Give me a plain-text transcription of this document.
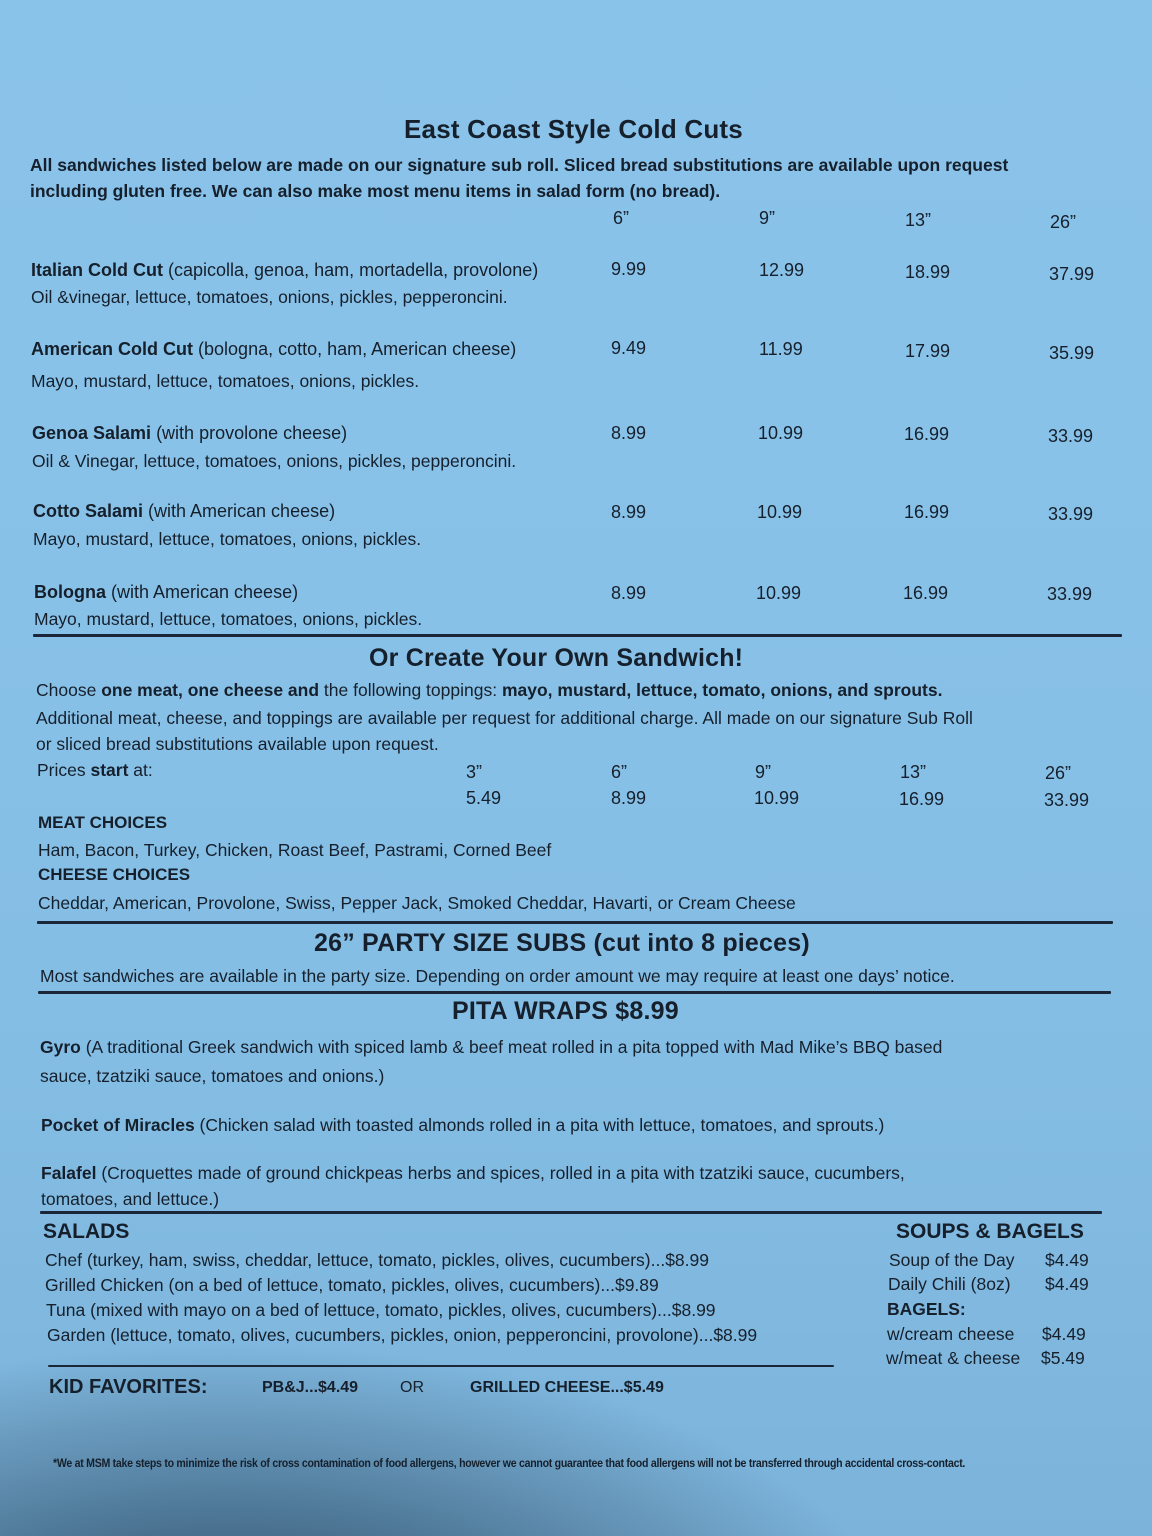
East Coast Style Cold Cuts
All sandwiches listed below are made on our signature sub roll. Sliced bread substitutions are available upon request
including gluten free. We can also make most menu items in salad form (no bread).
6”	9”	13”	26”
Italian Cold Cut (capicolla, genoa, ham, mortadella, provolone)
Oil &vinegar, lettuce, tomatoes, onions, pickles, pepperoncini.
9.99	12.99	18.99	37.99
American Cold Cut (bologna, cotto, ham, American cheese)
Mayo, mustard, lettuce, tomatoes, onions, pickles.
9.49	11.99	17.99	35.99
Genoa Salami (with provolone cheese)
Oil & Vinegar, lettuce, tomatoes, onions, pickles, pepperoncini.
8.99	10.99	16.99	33.99
Cotto Salami (with American cheese)
Mayo, mustard, lettuce, tomatoes, onions, pickles.
8.99	10.99	16.99	33.99
Bologna (with American cheese)
Mayo, mustard, lettuce, tomatoes, onions, pickles.
8.99	10.99	16.99	33.99
Or Create Your Own Sandwich!
Choose one meat, one cheese and the following toppings: mayo, mustard, lettuce, tomato, onions, and sprouts.
Additional meat, cheese, and toppings are available per request for additional charge. All made on our signature Sub Roll
or sliced bread substitutions available upon request.
Prices start at:	3”	6”	9”	13”	26”
5.49	8.99	10.99	16.99	33.99
MEAT CHOICES
Ham, Bacon, Turkey, Chicken, Roast Beef, Pastrami, Corned Beef
CHEESE CHOICES
Cheddar, American, Provolone, Swiss, Pepper Jack, Smoked Cheddar, Havarti, or Cream Cheese
26” PARTY SIZE SUBS (cut into 8 pieces)
Most sandwiches are available in the party size. Depending on order amount we may require at least one days’ notice.
PITA WRAPS $8.99
Gyro (A traditional Greek sandwich with spiced lamb & beef meat rolled in a pita topped with Mad Mike’s BBQ based
sauce, tzatziki sauce, tomatoes and onions.)
Pocket of Miracles (Chicken salad with toasted almonds rolled in a pita with lettuce, tomatoes, and sprouts.)
Falafel (Croquettes made of ground chickpeas herbs and spices, rolled in a pita with tzatziki sauce, cucumbers,
tomatoes, and lettuce.)
SALADS
Chef (turkey, ham, swiss, cheddar, lettuce, tomato, pickles, olives, cucumbers)...$8.99
Grilled Chicken (on a bed of lettuce, tomato, pickles, olives, cucumbers)...$9.89
Tuna (mixed with mayo on a bed of lettuce, tomato, pickles, olives, cucumbers)...$8.99
Garden (lettuce, tomato, olives, cucumbers, pickles, onion, pepperoncini, provolone)...$8.99
SOUPS & BAGELS
Soup of the Day $4.49
Daily Chili (8oz) $4.49
BAGELS:
w/cream cheese $4.49
w/meat & cheese $5.49
KID FAVORITES:	PB&J...$4.49	OR	GRILLED CHEESE...$5.49
*We at MSM take steps to minimize the risk of cross contamination of food allergens, however we cannot guarantee that food allergens will not be transferred through accidental cross-contact.
